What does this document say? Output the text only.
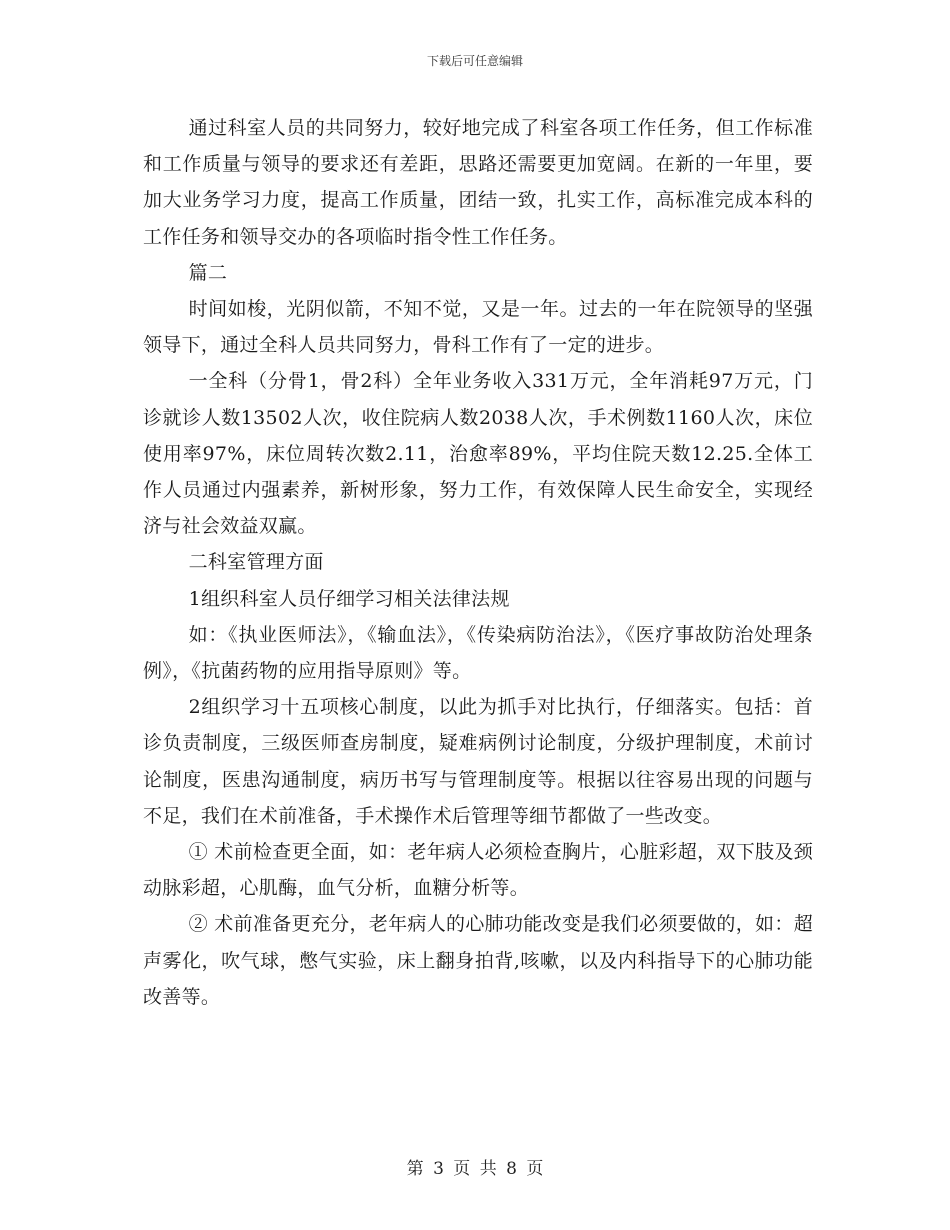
下载后可任意编辑

通过科室人员的共同努力，较好地完成了科室各项工作任务，但工作标准和工作质量与领导的要求还有差距，思路还需要更加宽阔。在新的一年里，要加大业务学习力度，提高工作质量，团结一致，扎实工作，高标准完成本科的工作任务和领导交办的各项临时指令性工作任务。

篇二

时间如梭，光阴似箭，不知不觉，又是一年。过去的一年在院领导的坚强领导下，通过全科人员共同努力，骨科工作有了一定的进步。

一全科（分骨1，骨2科）全年业务收入331万元，全年消耗97万元，门诊就诊人数13502人次，收住院病人数2038人次，手术例数1160人次，床位使用率97%，床位周转次数2.11，治愈率89%，平均住院天数12.25.全体工作人员通过内强素养，新树形象，努力工作，有效保障人民生命安全，实现经济与社会效益双赢。

二科室管理方面

1组织科室人员仔细学习相关法律法规

如：《执业医师法》，《输血法》，《传染病防治法》，《医疗事故防治处理条例》，《抗菌药物的应用指导原则》等。

2组织学习十五项核心制度，以此为抓手对比执行，仔细落实。包括：首诊负责制度，三级医师查房制度，疑难病例讨论制度，分级护理制度，术前讨论制度，医患沟通制度，病历书写与管理制度等。根据以往容易出现的问题与不足，我们在术前准备，手术操作术后管理等细节都做了一些改变。

① 术前检查更全面，如：老年病人必须检查胸片，心脏彩超，双下肢及颈动脉彩超，心肌酶，血气分析，血糖分析等。

② 术前准备更充分，老年病人的心肺功能改变是我们必须要做的，如：超声雾化，吹气球，憋气实验，床上翻身拍背,咳嗽，以及内科指导下的心肺功能改善等。

第 3 页 共 8 页
